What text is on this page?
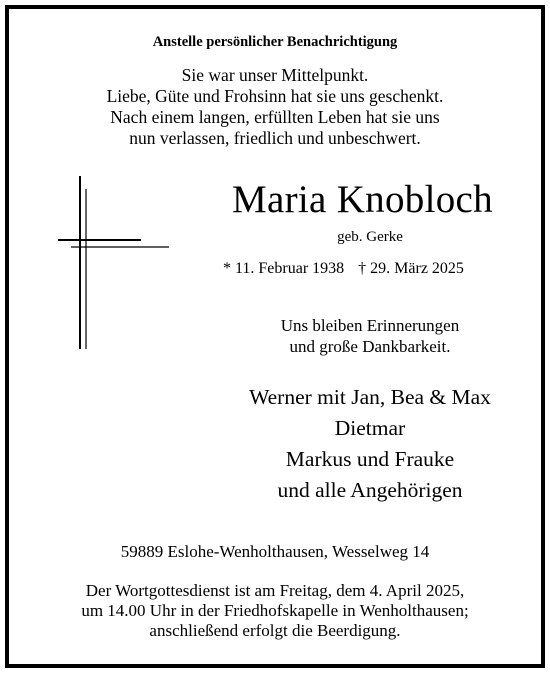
Anstelle persönlicher Benachrichtigung
Sie war unser Mittelpunkt.
Liebe, Güte und Frohsinn hat sie uns geschenkt.
Nach einem langen, erfüllten Leben hat sie uns
nun verlassen, friedlich und unbeschwert.
Maria Knobloch
geb. Gerke
* 11. Februar 1938 † 29. März 2025
Uns bleiben Erinnerungen
und große Dankbarkeit.
Werner mit Jan, Bea & Max
Dietmar
Markus und Frauke
und alle Angehörigen
59889 Eslohe-Wenholthausen, Wesselweg 14
Der Wortgottesdienst ist am Freitag, dem 4. April 2025,
um 14.00 Uhr in der Friedhofskapelle in Wenholthausen;
anschließend erfolgt die Beerdigung.
